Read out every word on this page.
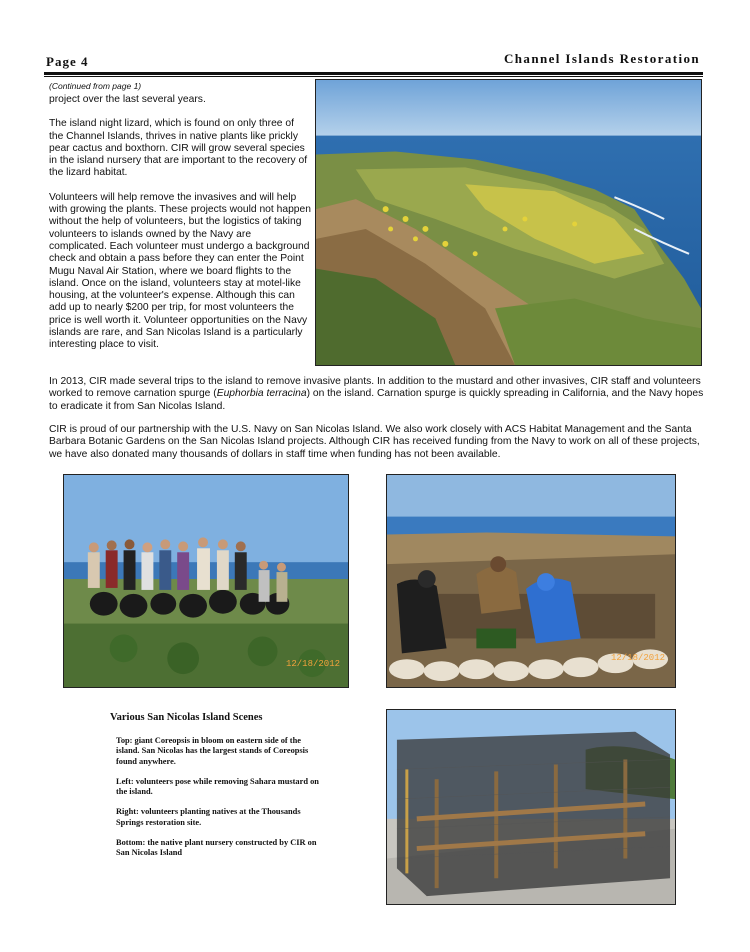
Page 4	Channel Islands Restoration
(Continued from page 1)

project over the last several years.

The island night lizard, which is found on only three of the Channel Islands, thrives in native plants like prickly pear cactus and boxthorn. CIR will grow several species in the island nursery that are important to the recovery of the lizard habitat.

Volunteers will help remove the invasives and will help with growing the plants. These projects would not happen without the help of volunteers, but the logistics of taking volunteers to islands owned by the Navy are complicated. Each volunteer must undergo a background check and obtain a pass before they can enter the Point Mugu Naval Air Station, where we board flights to the island. Once on the island, volunteers stay at motel-like housing, at the volunteer's expense. Although this can add up to nearly $200 per trip, for most volunteers the price is well worth it. Volunteer opportunities on the Navy islands are rare, and San Nicolas Island is a particularly interesting place to visit.

In 2013, CIR made several trips to the island to remove invasive plants. In addition to the mustard and other invasives, CIR staff and volunteers worked to remove carnation spurge (Euphorbia terracina) on the island. Carnation spurge is quickly spreading in California, and the Navy hopes to eradicate it from San Nicolas Island.

CIR is proud of our partnership with the U.S. Navy on San Nicolas Island. We also work closely with ACS Habitat Management and the Santa Barbara Botanic Gardens on the San Nicolas Island projects. Although CIR has received funding from the Navy to work on all of these projects, we have also donated many thousands of dollars in staff time when funding has not been available.

12/18/2012
12/18/2012
Various San Nicolas Island Scenes

Top: giant Coreopsis in bloom on eastern side of the island. San Nicolas has the largest stands of Coreopsis found anywhere.

Left: volunteers pose while removing Sahara mustard on the island.

Right: volunteers planting natives at the Thousands Springs restoration site.

Bottom: the native plant nursery constructed by CIR on San Nicolas Island
